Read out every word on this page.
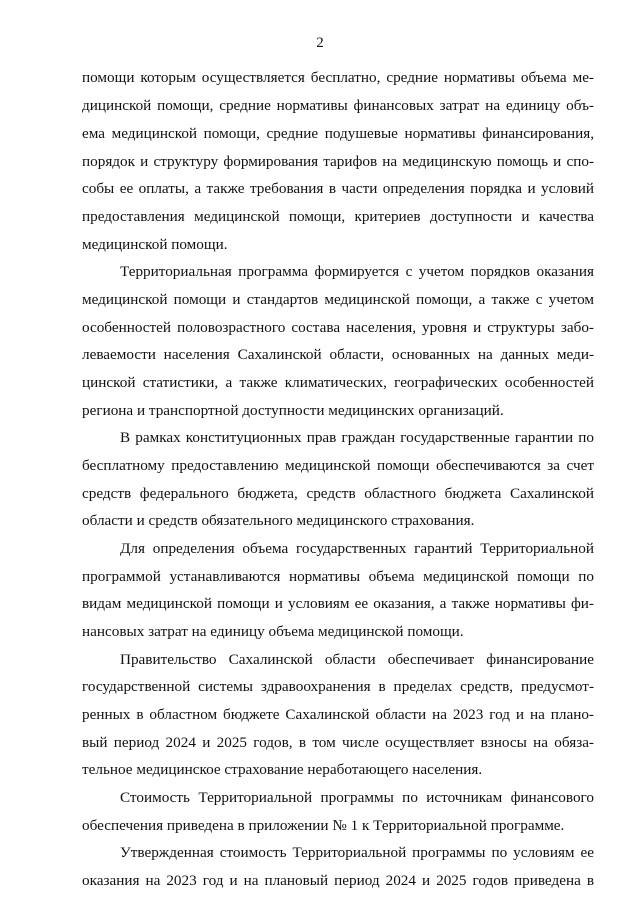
2
помощи которым осуществляется бесплатно, средние нормативы объема ме-
дицинской помощи, средние нормативы финансовых затрат на единицу объ-
ема медицинской помощи, средние подушевые нормативы финансирования,
порядок и структуру формирования тарифов на медицинскую помощь и спо-
собы ее оплаты, а также требования в части определения порядка и условий
предоставления медицинской помощи, критериев доступности и качества
медицинской помощи.
Территориальная программа формируется с учетом порядков оказания
медицинской помощи и стандартов медицинской помощи, а также с учетом
особенностей половозрастного состава населения, уровня и структуры забо-
леваемости населения Сахалинской области, основанных на данных меди-
цинской статистики, а также климатических, географических особенностей
региона и транспортной доступности медицинских организаций.
В рамках конституционных прав граждан государственные гарантии по
бесплатному предоставлению медицинской помощи обеспечиваются за счет
средств федерального бюджета, средств областного бюджета Сахалинской
области и средств обязательного медицинского страхования.
Для определения объема государственных гарантий Территориальной
программой устанавливаются нормативы объема медицинской помощи по
видам медицинской помощи и условиям ее оказания, а также нормативы фи-
нансовых затрат на единицу объема медицинской помощи.
Правительство Сахалинской области обеспечивает финансирование
государственной системы здравоохранения в пределах средств, предусмот-
ренных в областном бюджете Сахалинской области на 2023 год и на плано-
вый период 2024 и 2025 годов, в том числе осуществляет взносы на обяза-
тельное медицинское страхование неработающего населения.
Стоимость Территориальной программы по источникам финансового
обеспечения приведена в приложении № 1 к Территориальной программе.
Утвержденная стоимость Территориальной программы по условиям ее
оказания на 2023 год и на плановый период 2024 и 2025 годов приведена в
